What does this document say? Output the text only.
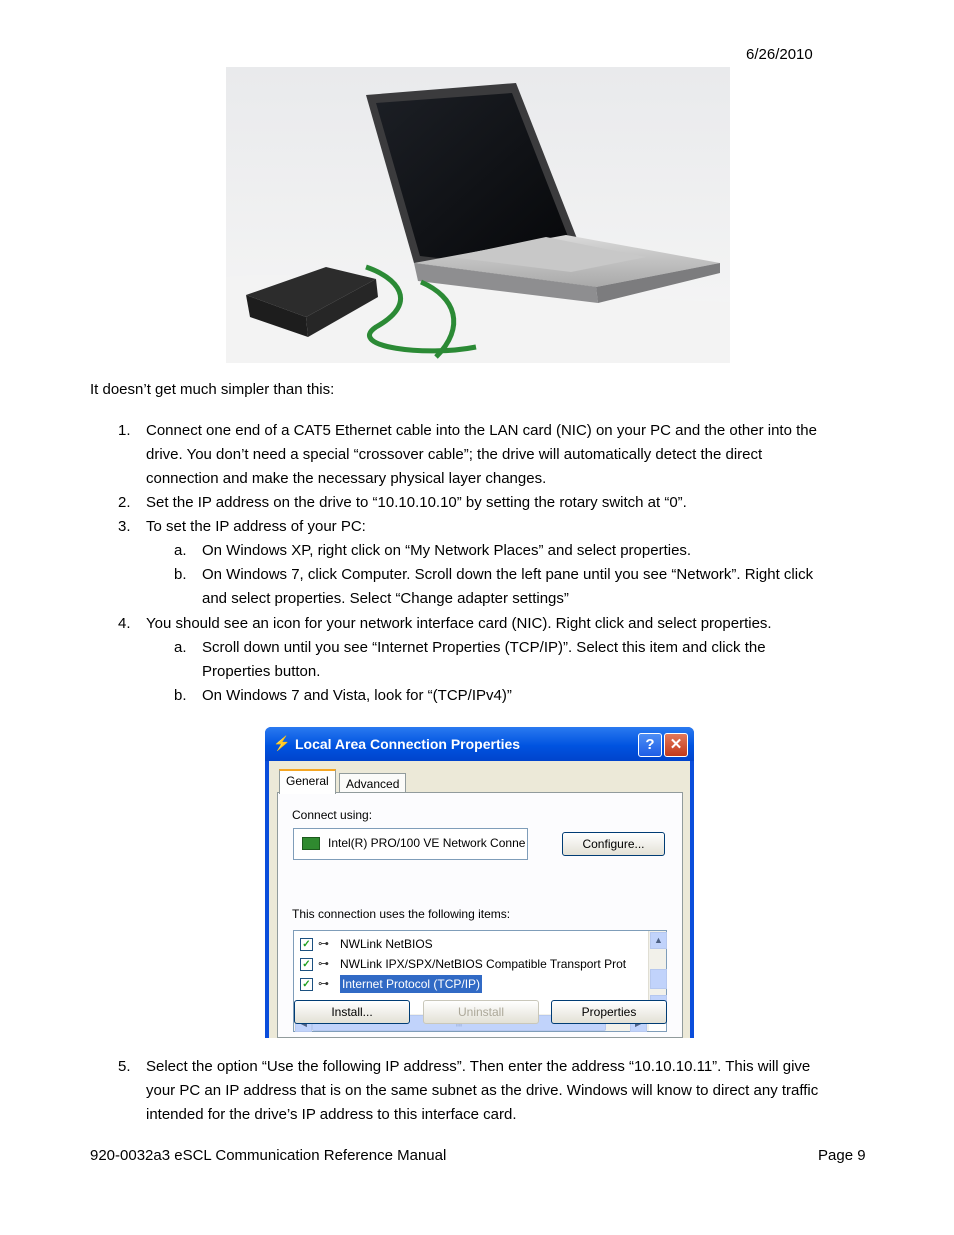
6/26/2010
It doesn’t get much simpler than this:
1. Connect one end of a CAT5 Ethernet cable into the LAN card (NIC) on your PC and the other into the
drive. You don’t need a special “crossover cable”; the drive will automatically detect the direct
connection and make the necessary physical layer changes.
2. Set the IP address on the drive to “10.10.10.10” by setting the rotary switch at “0”.
3. To set the IP address of your PC:
a. On Windows XP, right click on “My Network Places” and select properties.
b. On Windows 7, click Computer. Scroll down the left pane until you see “Network”. Right click
and select properties. Select “Change adapter settings”
4. You should see an icon for your network interface card (NIC). Right click and select properties.
a. Scroll down until you see “Internet Properties (TCP/IP)”. Select this item and click the
Properties button.
b. On Windows 7 and Vista, look for “(TCP/IPv4)”
⚡ Local Area Connection Properties	?	✕
General	Advanced
Connect using:
Intel(R) PRO/100 VE Network Conne	Configure...
This connection uses the following items:
✓ ⊶ NWLink NetBIOS
✓ ⊶ NWLink IPX/SPX/NetBIOS Compatible Transport Prot
✓ ⊶ Internet Protocol (TCP/IP)
▲
Install...	Uninstall	Properties
5. Select the option “Use the following IP address”. Then enter the address “10.10.10.11”. This will give
your PC an IP address that is on the same subnet as the drive. Windows will know to direct any traffic
intended for the drive’s IP address to this interface card.
920-0032a3 eSCL Communication Reference Manual	Page 9
